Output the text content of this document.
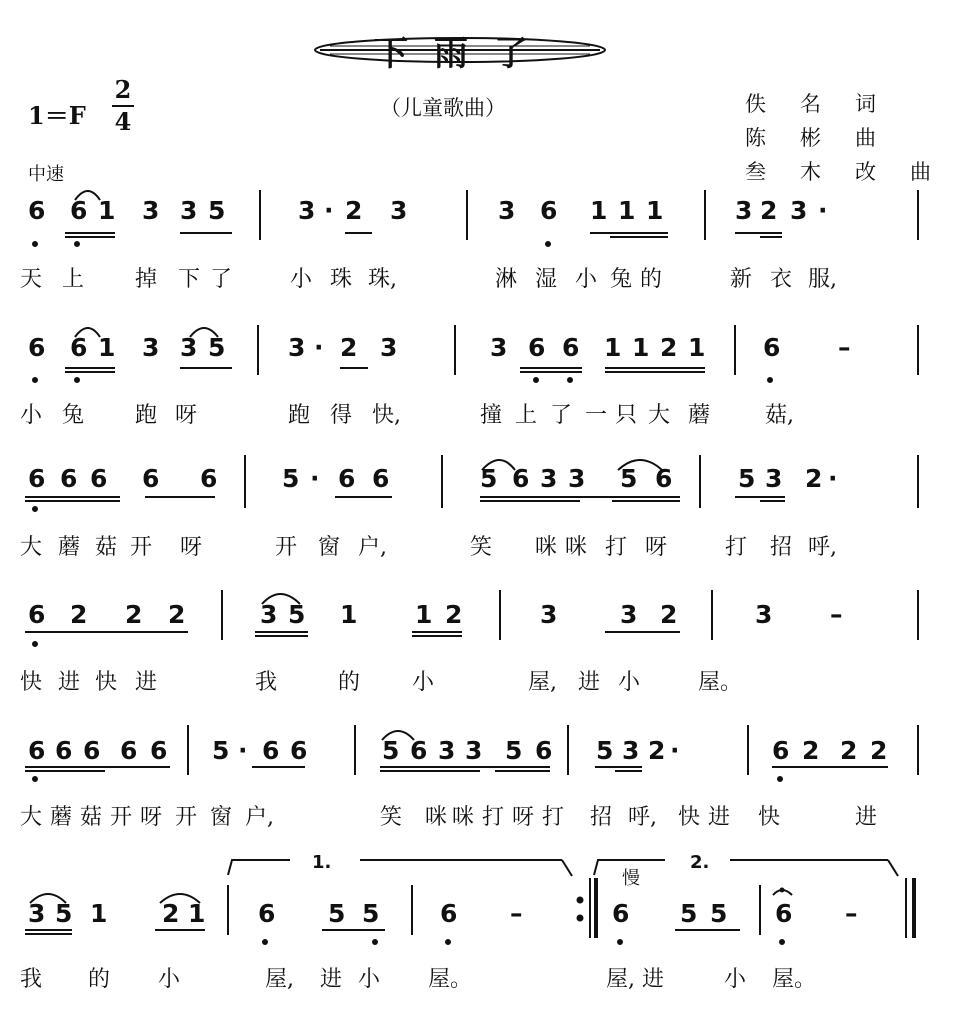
下雨了
1＝F
2
4	（儿童歌曲）	佚名词
陈彬曲
叁木改曲
中速
6 6 1 3 3 5	3 · 2 3	3 6 1 1 1	3 2 3 ·
天 上 掉 下 了	小 珠 珠,	淋 湿 小 兔 的	新 衣 服,
6 6 1 3 3 5	3 · 2 3	3 6 6 1 1 2 1 6 –
小 兔 跑 呀	跑 得 快,	撞 上 了 一 只 大 蘑 菇,
6 6 6 6 6	5 · 6 6	5 6 3 3 5 6	5 3 2 ·
大 蘑 菇 开 呀	开 窗 户,	笑 咪 咪 打 呀	打 招 呼,
6 2 2 2	3 5 1 1 2	3	3 2	3 –
快 进 快 进	我	的 小	屋, 进 小	屋。
6 6 6 6 6 5 · 6 6	5 6 3 3 5 6 5 3 2 ·	6 2 2 2
大 蘑 菇 开 呀 开 窗 户,	笑 咪 咪 打 呀 打 招 呼, 快 进 快	进
3 5 1 2 1 6 5 5 6 –	6 5 5 6 –
我 的 小	屋, 进 小 屋。	屋, 进	小 屋。
1.	2.
慢
